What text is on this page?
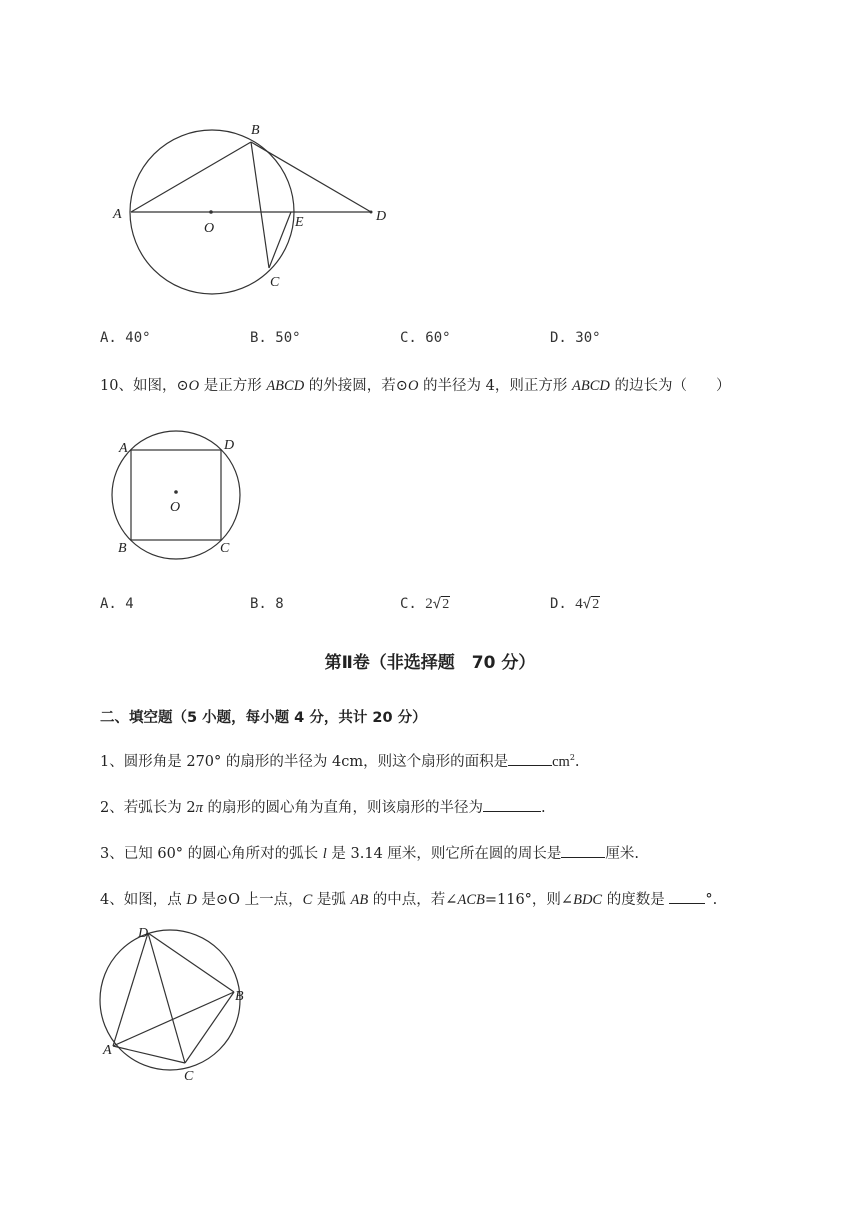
A
B
O	E	D
C
A. 40°	B. 50°	C. 60°	D. 30°
10、如图，⊙O 是正方形 ABCD 的外接圆，若⊙O 的半径为 4，则正方形 ABCD 的边长为（　　）
A	D
O
B	C
A. 4	B. 8	C. 2√2	D. 4√2
第Ⅱ卷（非选择题　70 分）
二、填空题（5 小题，每小题 4 分，共计 20 分）
1、圆形角是 270° 的扇形的半径为 4cm，则这个扇形的面积是	$cm^2$.
2、若弧长为 2π 的扇形的圆心角为直角，则该扇形的半径为	.
3、已知 60° 的圆心角所对的弧长 l 是 3.14 厘米，则它所在圆的周长是	厘米.
4、如图，点 D 是⊙O 上一点，C 是弧 AB 的中点，若∠ACB=116°，则∠BDC 的度数是	°.
D
B
A
C
